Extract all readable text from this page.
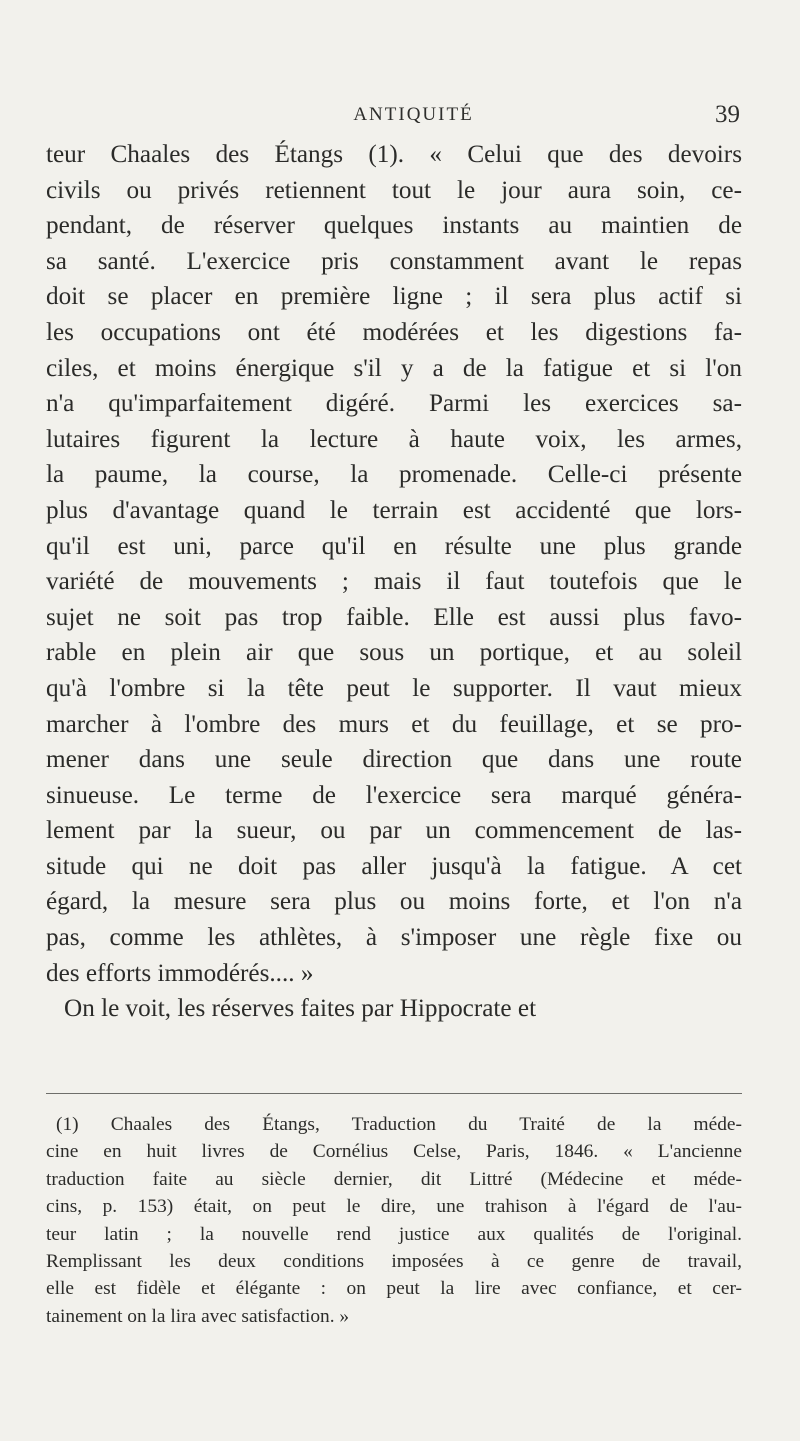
ANTIQUITÉ	39
teur Chaales des Étangs (1). « Celui que des devoirs
civils ou privés retiennent tout le jour aura soin, ce-
pendant, de réserver quelques instants au maintien de
sa santé. L'exercice pris constamment avant le repas
doit se placer en première ligne ; il sera plus actif si
les occupations ont été modérées et les digestions fa-
ciles, et moins énergique s'il y a de la fatigue et si l'on
n'a qu'imparfaitement digéré. Parmi les exercices sa-
lutaires figurent la lecture à haute voix, les armes,
la paume, la course, la promenade. Celle-ci présente
plus d'avantage quand le terrain est accidenté que lors-
qu'il est uni, parce qu'il en résulte une plus grande
variété de mouvements ; mais il faut toutefois que le
sujet ne soit pas trop faible. Elle est aussi plus favo-
rable en plein air que sous un portique, et au soleil
qu'à l'ombre si la tête peut le supporter. Il vaut mieux
marcher à l'ombre des murs et du feuillage, et se pro-
mener dans une seule direction que dans une route
sinueuse. Le terme de l'exercice sera marqué généra-
lement par la sueur, ou par un commencement de las-
situde qui ne doit pas aller jusqu'à la fatigue. A cet
égard, la mesure sera plus ou moins forte, et l'on n'a
pas, comme les athlètes, à s'imposer une règle fixe ou
des efforts immodérés.... »
On le voit, les réserves faites par Hippocrate et
(1) Chaales des Étangs, Traduction du Traité de la méde-
cine en huit livres de Cornélius Celse, Paris, 1846. « L'ancienne
traduction faite au siècle dernier, dit Littré (Médecine et méde-
cins, p. 153) était, on peut le dire, une trahison à l'égard de l'au-
teur latin ; la nouvelle rend justice aux qualités de l'original.
Remplissant les deux conditions imposées à ce genre de travail,
elle est fidèle et élégante : on peut la lire avec confiance, et cer-
tainement on la lira avec satisfaction. »
